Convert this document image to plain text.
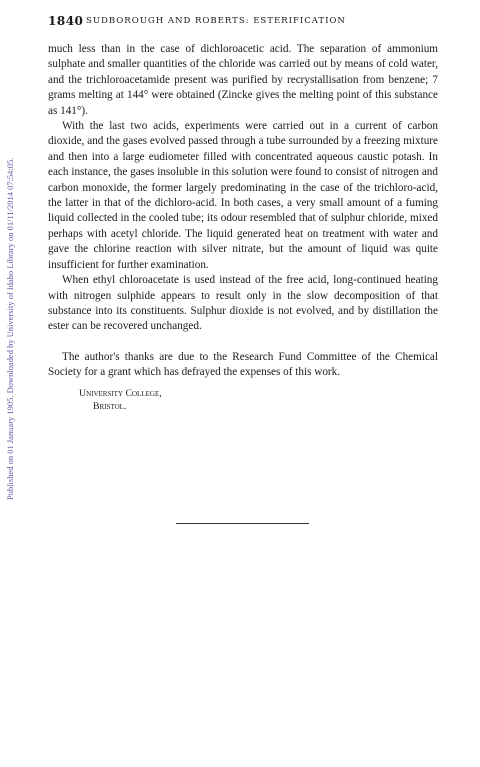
Published on 01 January 1905. Downloaded by University of Idaho Library on 01/11/2014 07:54:05.
1840 SUDBOROUGH AND ROBERTS: ESTERIFICATION

much less than in the case of dichloroacetic acid. The separation of ammonium sulphate and smaller quantities of the chloride was carried out by means of cold water, and the trichloroacetamide present was purified by recrystallisation from benzene; 7 grams melting at 144° were obtained (Zincke gives the melting point of this substance as 141°).

With the last two acids, experiments were carried out in a current of carbon dioxide, and the gases evolved passed through a tube surrounded by a freezing mixture and then into a large eudiometer filled with concentrated aqueous caustic potash. In each instance, the gases insoluble in this solution were found to consist of nitrogen and carbon monoxide, the former largely predominating in the case of the trichloro-acid, the latter in that of the dichloro-acid. In both cases, a very small amount of a fuming liquid collected in the cooled tube; its odour resembled that of sulphur chloride, mixed perhaps with acetyl chloride. The liquid generated heat on treatment with water and gave the chlorine reaction with silver nitrate, but the amount of liquid was quite insufficient for further examination.

When ethyl chloroacetate is used instead of the free acid, long-continued heating with nitrogen sulphide appears to result only in the slow decomposition of that substance into its constituents. Sulphur dioxide is not evolved, and by distillation the ester can be recovered unchanged.

The author's thanks are due to the Research Fund Committee of the Chemical Society for a grant which has defrayed the expenses of this work.

University College,
Bristol.
